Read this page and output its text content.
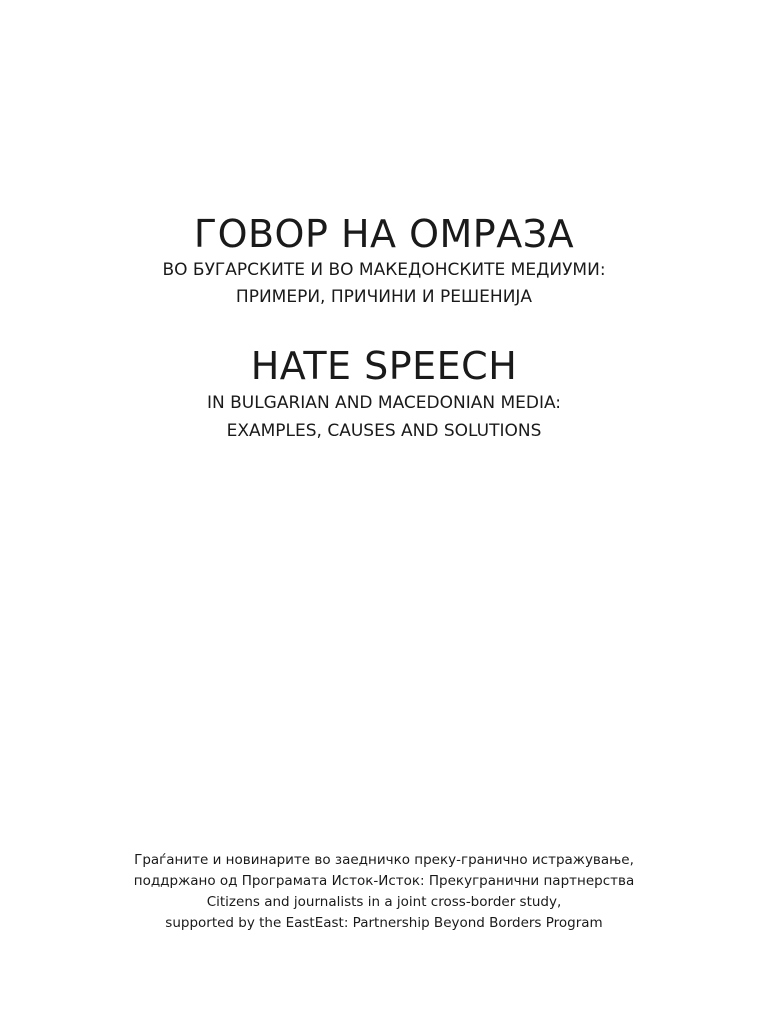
ГОВОР НА ОМРАЗА

ВО БУГАРСКИТЕ И ВО МАКЕДОНСКИТЕ МЕДИУМИ:

ПРИМЕРИ, ПРИЧИНИ И РЕШЕНИЈА

HATE SPEECH

IN BULGARIAN AND MACEDONIAN MEDIA:

EXAMPLES, CAUSES AND SOLUTIONS

Граѓаните и новинарите во заедничко преку-гранично истражување,
поддржано од Програмата Исток-Исток: Прекугранични партнерства
Citizens and journalists in a joint cross-border study,
supported by the EastEast: Partnership Beyond Borders Program
